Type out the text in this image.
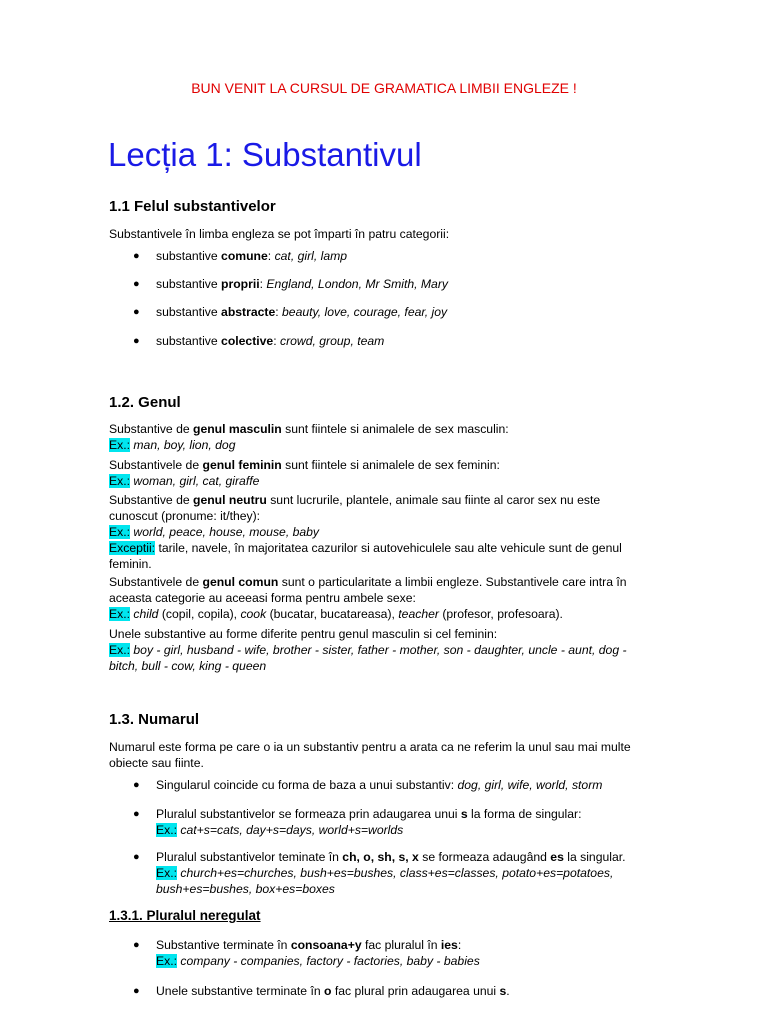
BUN VENIT LA CURSUL DE GRAMATICA LIMBII ENGLEZE !
Lecția 1: Substantivul
1.1 Felul substantivelor
Substantivele în limba engleza se pot împarti în patru categorii:
● substantive comune: cat, girl, lamp
● substantive proprii: England, London, Mr Smith, Mary
● substantive abstracte: beauty, love, courage, fear, joy
● substantive colective: crowd, group, team
1.2. Genul
Substantive de genul masculin sunt fiintele si animalele de sex masculin:
Ex.: man, boy, lion, dog
Substantivele de genul feminin sunt fiintele si animalele de sex feminin:
Ex.: woman, girl, cat, giraffe
Substantive de genul neutru sunt lucrurile, plantele, animale sau fiinte al caror sex nu este
cunoscut (pronume: it/they):
Ex.: world, peace, house, mouse, baby
Exceptii: tarile, navele, în majoritatea cazurilor si autovehiculele sau alte vehicule sunt de genul
feminin.
Substantivele de genul comun sunt o particularitate a limbii engleze. Substantivele care intra în
aceasta categorie au aceeasi forma pentru ambele sexe:
Ex.: child (copil, copila), cook (bucatar, bucatareasa), teacher (profesor, profesoara).
Unele substantive au forme diferite pentru genul masculin si cel feminin:
Ex.: boy - girl, husband - wife, brother - sister, father - mother, son - daughter, uncle - aunt, dog -
bitch, bull - cow, king - queen
1.3. Numarul
Numarul este forma pe care o ia un substantiv pentru a arata ca ne referim la unul sau mai multe
obiecte sau fiinte.
● Singularul coincide cu forma de baza a unui substantiv: dog, girl, wife, world, storm
● Pluralul substantivelor se formeaza prin adaugarea unui s la forma de singular:
Ex.: cat+s=cats, day+s=days, world+s=worlds
● Pluralul substantivelor teminate în ch, o, sh, s, x se formeaza adaugând es la singular.
Ex.: church+es=churches, bush+es=bushes, class+es=classes, potato+es=potatoes,
bush+es=bushes, box+es=boxes
1.3.1. Pluralul neregulat
● Substantive terminate în consoana+y fac pluralul în ies:
Ex.: company - companies, factory - factories, baby - babies
● Unele substantive terminate în o fac plural prin adaugarea unui s.
